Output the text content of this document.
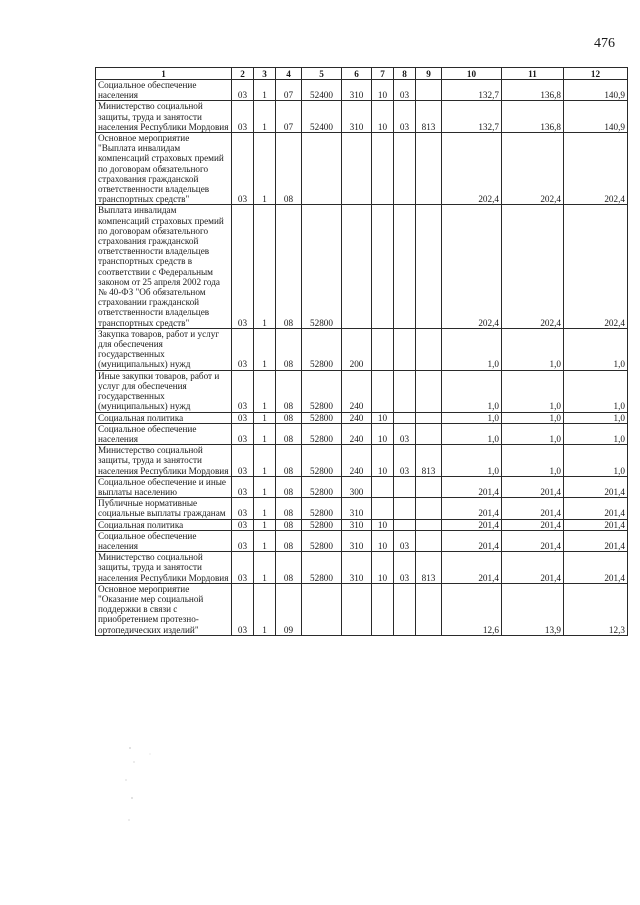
476
1	2	3	4	5	6	7	8	9	10	11	12
Социальное обеспечение населения	03	1	07	52400	310	10	03		132,7	136,8	140,9
Министерство социальной защиты, труда и занятости населения Республики Мордовия	03	1	07	52400	310	10	03	813	132,7	136,8	140,9
Основное мероприятие "Выплата инвалидам компенсаций страховых премий по договорам обязательного страхования гражданской ответственности владельцев транспортных средств"	03	1	08						202,4	202,4	202,4
Выплата инвалидам компенсаций страховых премий по договорам обязательного страхования гражданской ответственности владельцев транспортных средств в соответствии с Федеральным законом от 25 апреля 2002 года № 40-ФЗ "Об обязательном страховании гражданской ответственности владельцев транспортных средств"	03	1	08	52800					202,4	202,4	202,4
Закупка товаров, работ и услуг для обеспечения государственных (муниципальных) нужд	03	1	08	52800	200				1,0	1,0	1,0
Иные закупки товаров, работ и услуг для обеспечения государственных (муниципальных) нужд	03	1	08	52800	240				1,0	1,0	1,0
Социальная политика	03	1	08	52800	240	10			1,0	1,0	1,0
Социальное обеспечение населения	03	1	08	52800	240	10	03		1,0	1,0	1,0
Министерство социальной защиты, труда и занятости населения Республики Мордовия	03	1	08	52800	240	10	03	813	1,0	1,0	1,0
Социальное обеспечение и иные выплаты населению	03	1	08	52800	300				201,4	201,4	201,4
Публичные нормативные социальные выплаты гражданам	03	1	08	52800	310				201,4	201,4	201,4
Социальная политика	03	1	08	52800	310	10			201,4	201,4	201,4
Социальное обеспечение населения	03	1	08	52800	310	10	03		201,4	201,4	201,4
Министерство социальной защиты, труда и занятости населения Республики Мордовия	03	1	08	52800	310	10	03	813	201,4	201,4	201,4
Основное мероприятие "Оказание мер социальной поддержки в связи с приобретением протезно-ортопедических изделий"	03	1	09						12,6	13,9	12,3
